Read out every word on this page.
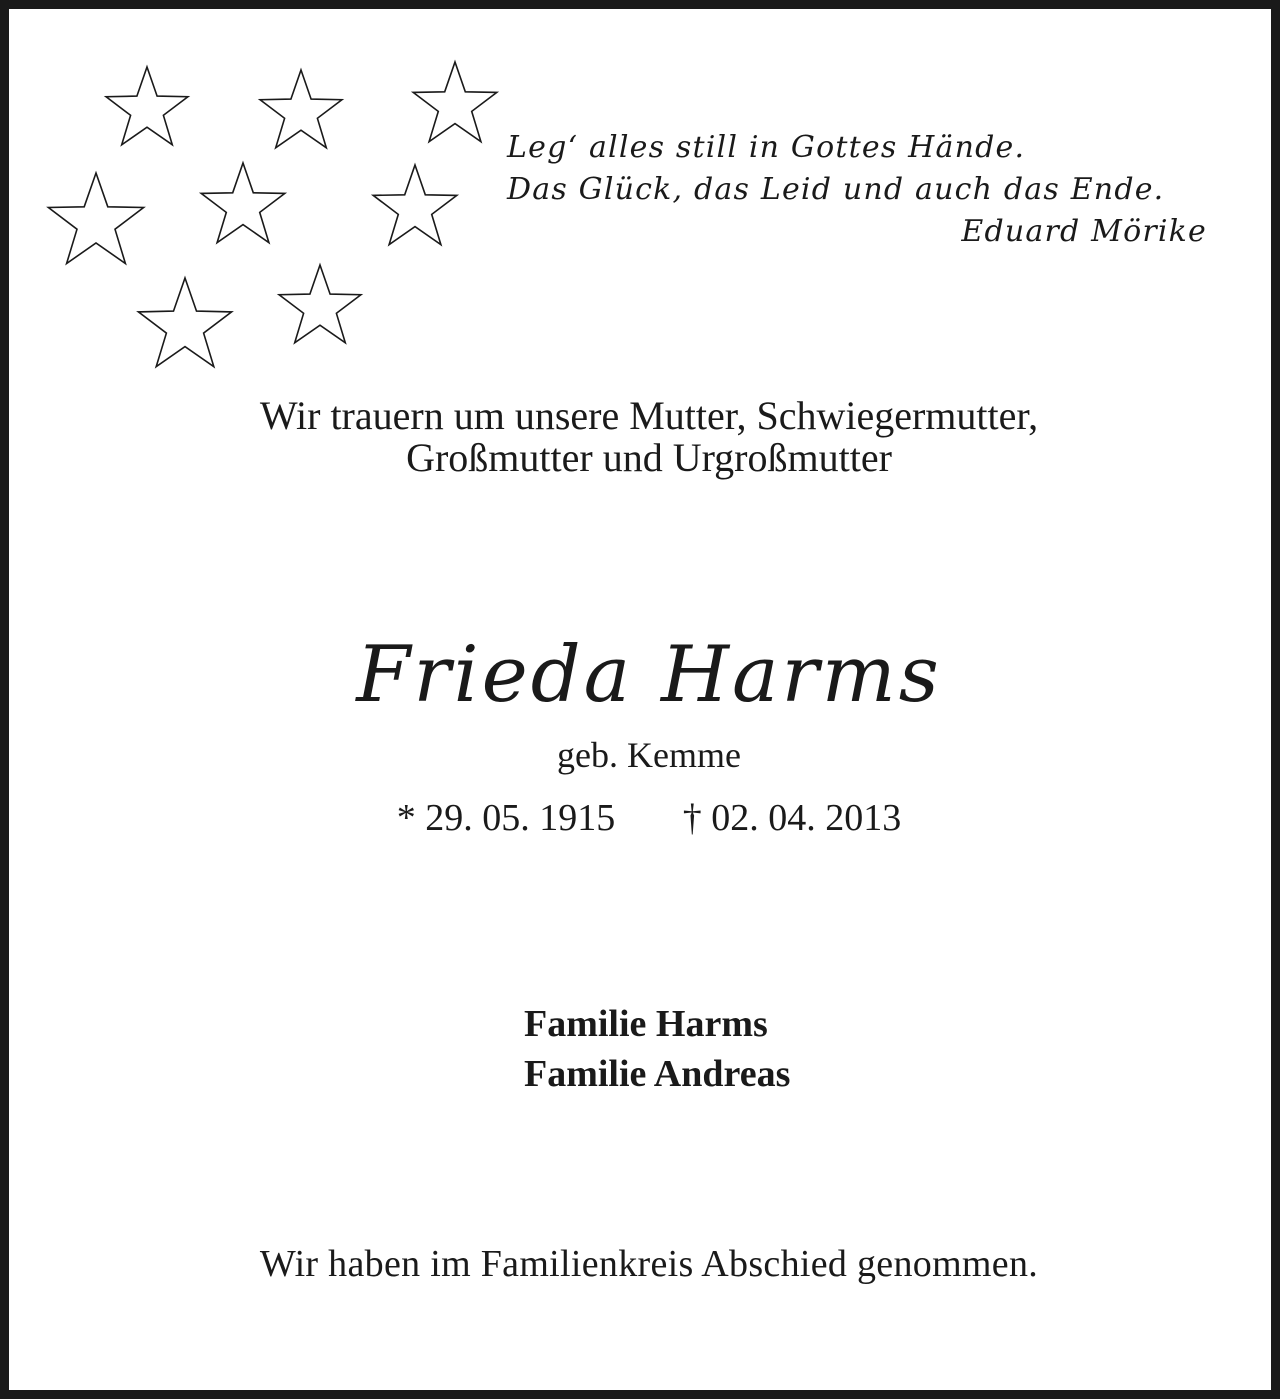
Leg‘ alles still in Gottes Hände.
Das Glück, das Leid und auch das Ende.
Eduard Mörike
Wir trauern um unsere Mutter, Schwiegermutter,
Großmutter und Urgroßmutter
Frieda Harms
geb. Kemme
* 29. 05. 1915 † 02. 04. 2013
Familie Harms
Familie Andreas
Wir haben im Familienkreis Abschied genommen.
